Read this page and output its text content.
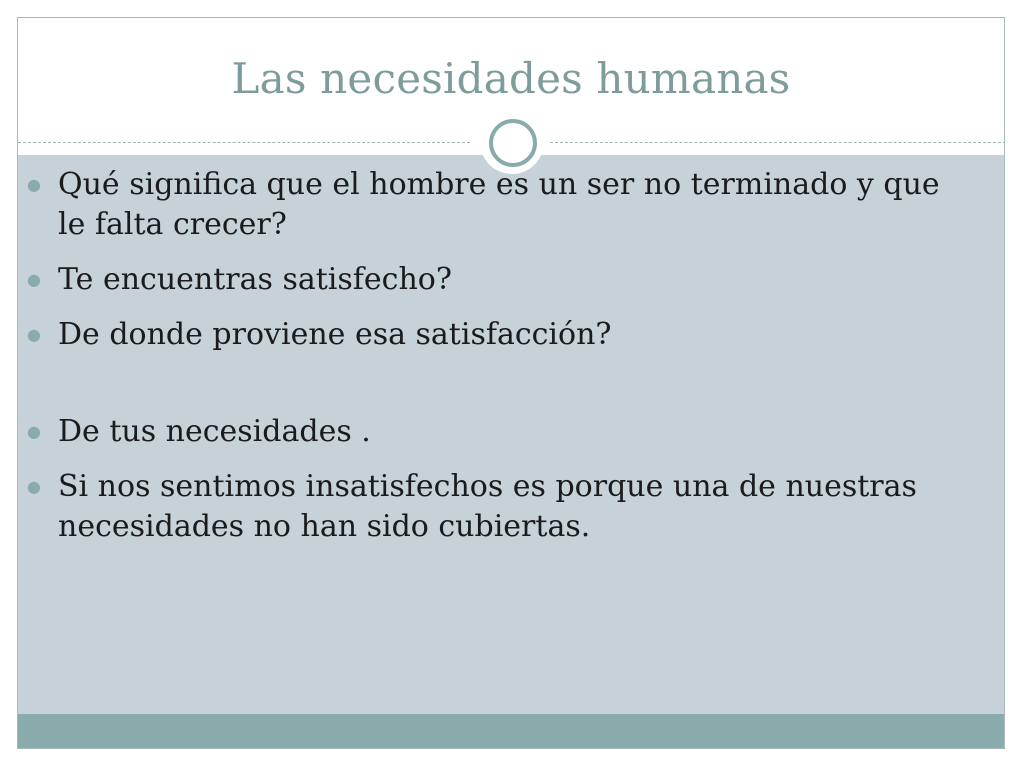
Las necesidades humanas
● Qué significa que el hombre es un ser no terminado y que le falta crecer?
● Te encuentras satisfecho?
● De donde proviene esa satisfacción?
● De tus necesidades .
● Si nos sentimos insatisfechos es porque una de nuestras necesidades no han sido cubiertas.
